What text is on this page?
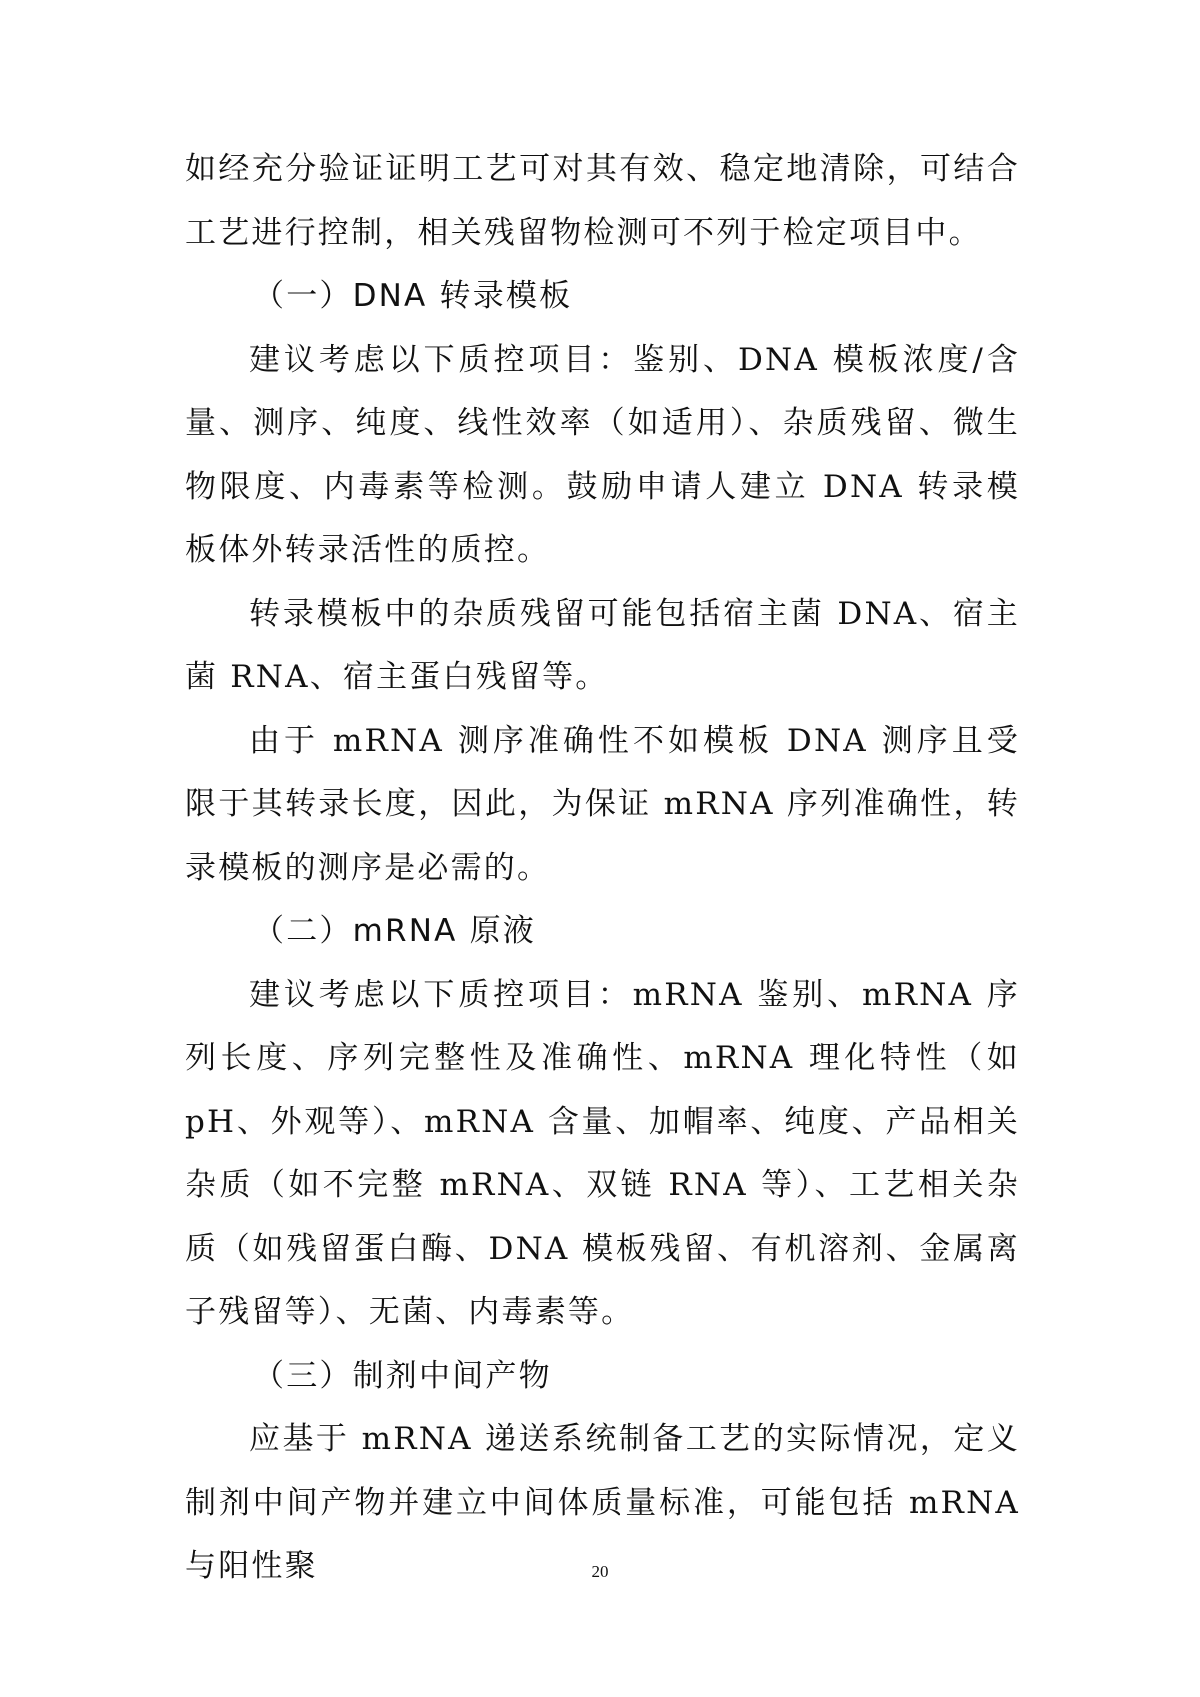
如经充分验证证明工艺可对其有效、稳定地清除，可结合工艺进行控制，相关残留物检测可不列于检定项目中。

（一）DNA 转录模板

建议考虑以下质控项目：鉴别、DNA 模板浓度/含量、测序、纯度、线性效率（如适用）、杂质残留、微生物限度、内毒素等检测。鼓励申请人建立 DNA 转录模板体外转录活性的质控。

转录模板中的杂质残留可能包括宿主菌 DNA、宿主菌 RNA、宿主蛋白残留等。

由于 mRNA 测序准确性不如模板 DNA 测序且受限于其转录长度，因此，为保证 mRNA 序列准确性，转录模板的测序是必需的。

（二）mRNA 原液

建议考虑以下质控项目：mRNA 鉴别、mRNA 序列长度、序列完整性及准确性、mRNA 理化特性（如 pH、外观等）、mRNA 含量、加帽率、纯度、产品相关杂质（如不完整 mRNA、双链 RNA 等）、工艺相关杂质（如残留蛋白酶、DNA 模板残留、有机溶剂、金属离子残留等）、无菌、内毒素等。

（三）制剂中间产物

应基于 mRNA 递送系统制备工艺的实际情况，定义制剂中间产物并建立中间体质量标准，可能包括 mRNA 与阳性聚	20
